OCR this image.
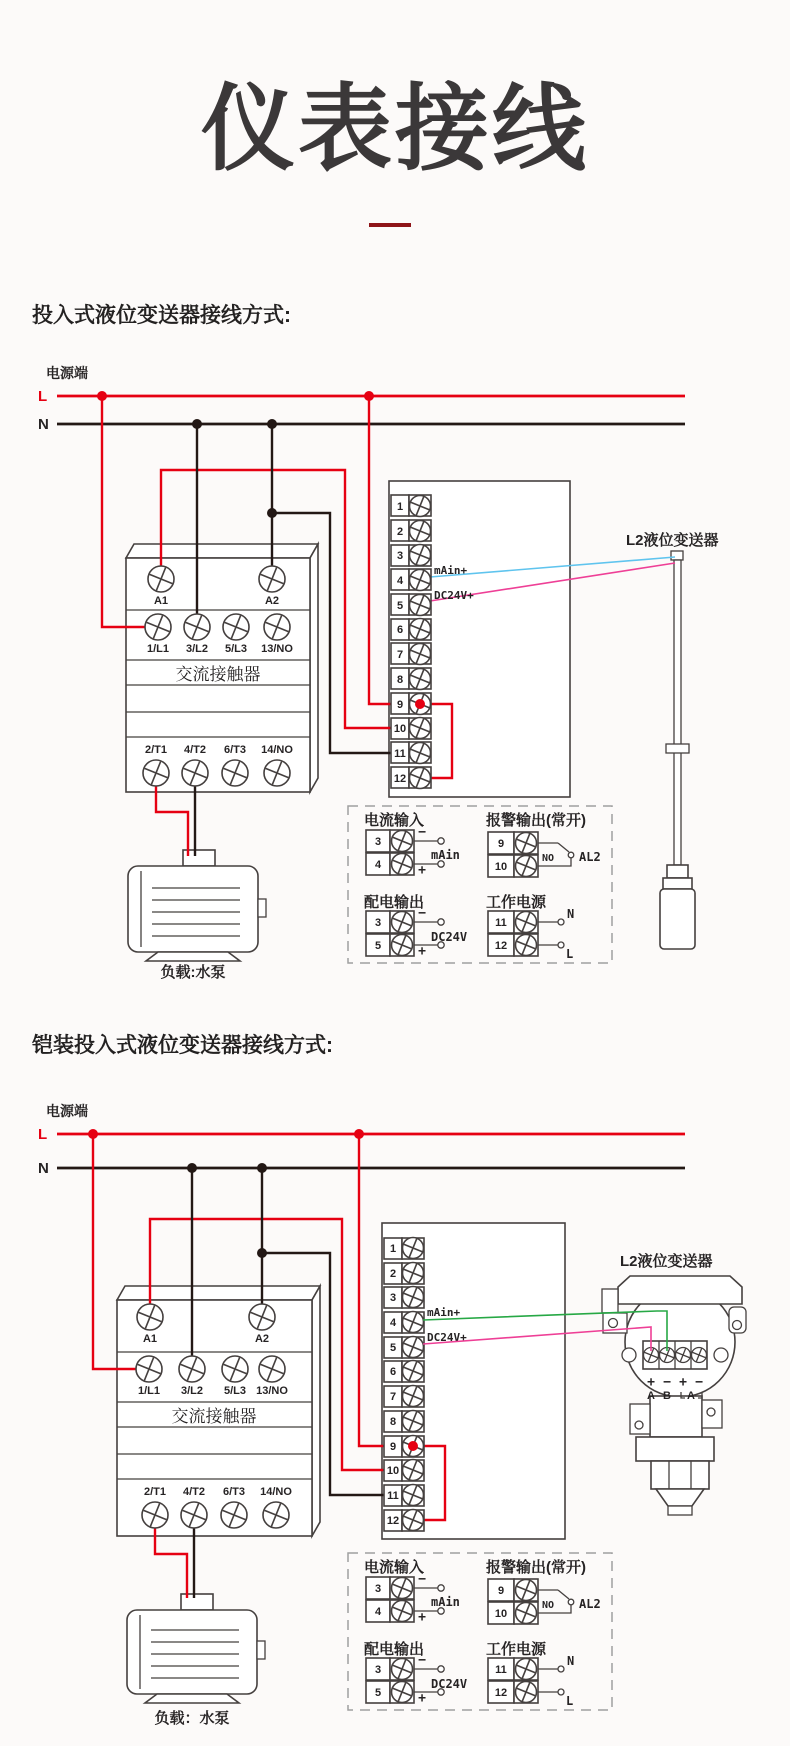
仪表接线
投入式液位变送器接线方式:
铠装投入式液位变送器接线方式:
电源端
L
N
A1	A2
1/L1 3/L2 5/L3 13/NO
交流接触器
2/T1 4/T2 6/T3 14/NO
1
2
3
4
5
6
7
8
9
10
11
12
mAin+
DC24V+
L2液位变送器
负载:水泵
电流输入
3
4
−
+
mAin
报警输出(常开)
9
10
NO AL2
配电输出
3
5
−
+
DC24V
工作电源
11
12
N
L
电源端
L
N
A1	A2
1/L1 3/L2 5/L3 13/NO
交流接触器
2/T1 4/T2 6/T3 14/NO
1
2
3
4
5
6
7
8
9
10
11
12
mAin+
DC24V+
+ − + −
A B A
L2液位变送器
负载：水泵
电流输入
3
4
−
+
mAin
报警输出(常开)
9
10
NO AL2
配电输出
3
5
−
+
DC24V
工作电源
11
12
N
L
